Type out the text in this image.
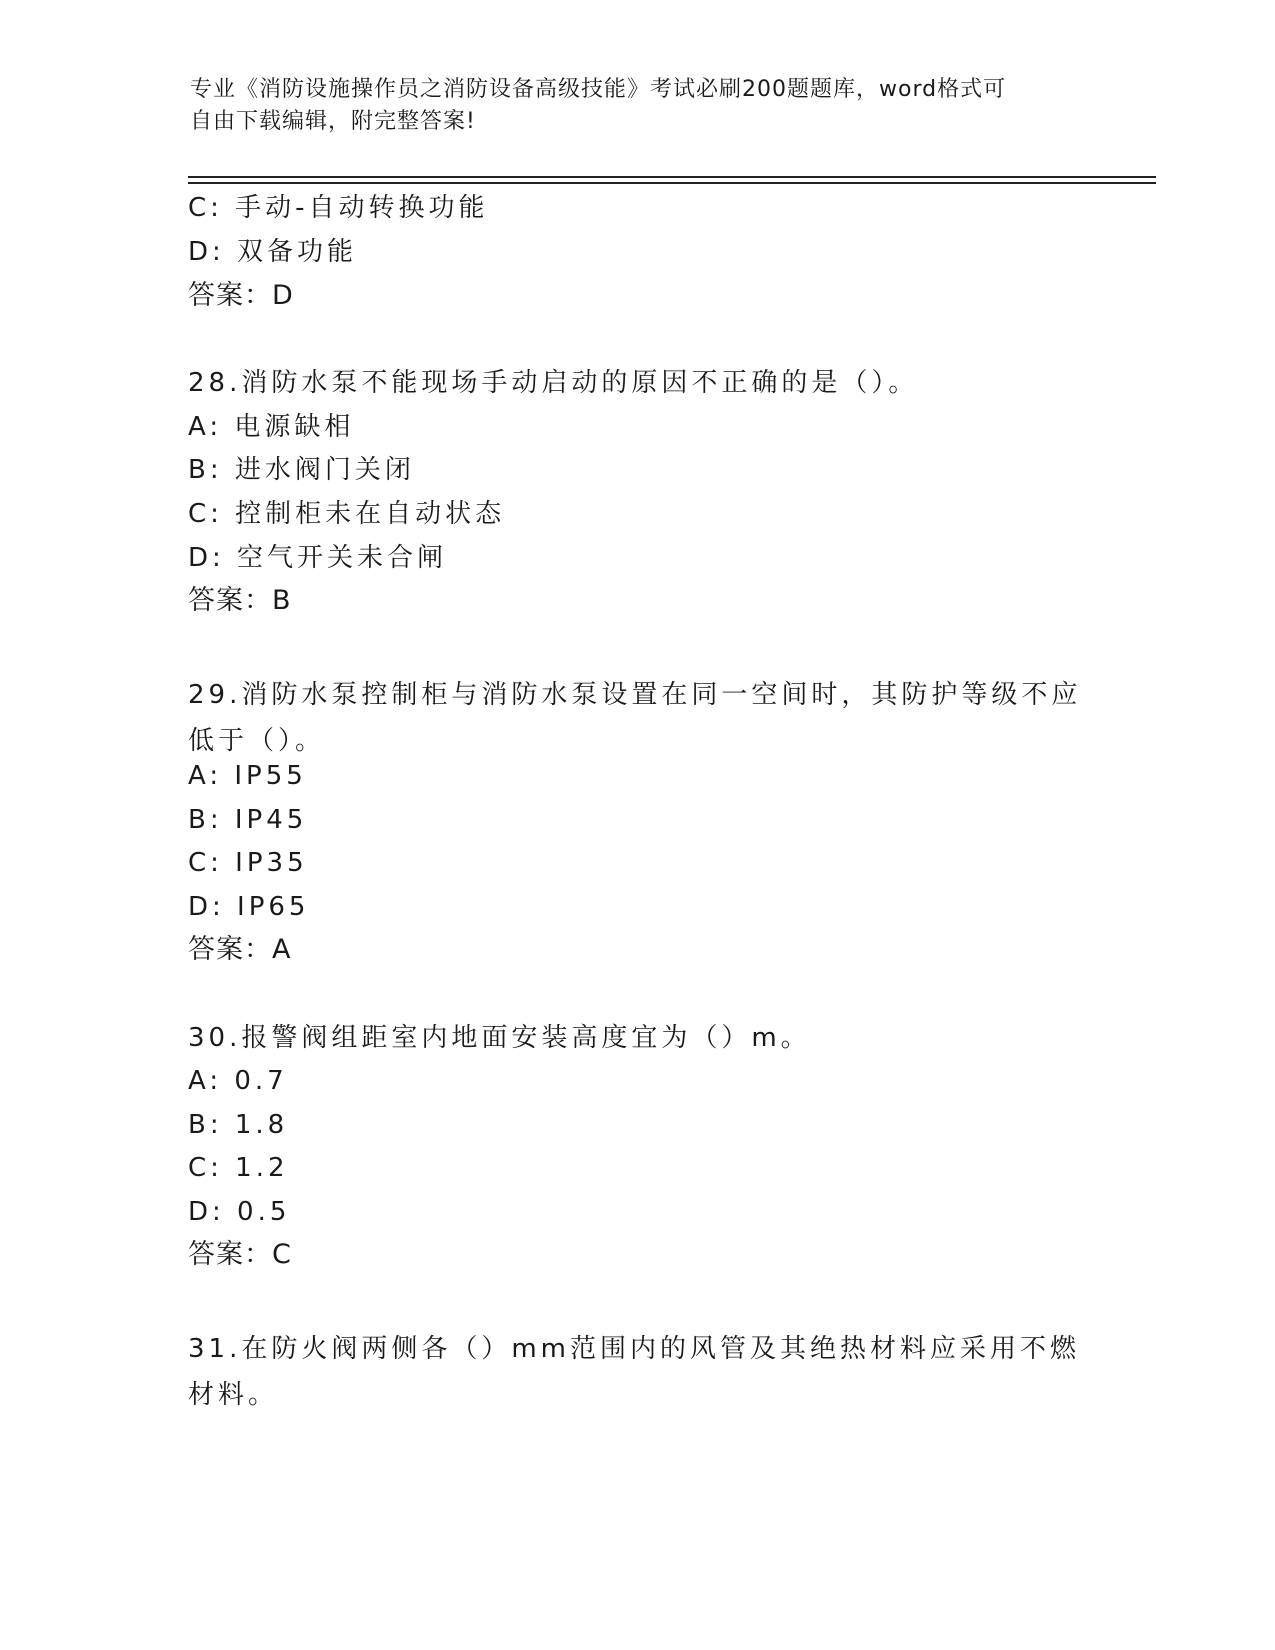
专业《消防设施操作员之消防设备高级技能》考试必刷200题题库，word格式可
自由下载编辑，附完整答案!
C: 手动-自动转换功能
D: 双备功能
答案：D
28.消防水泵不能现场手动启动的原因不正确的是（）。
A: 电源缺相
B: 进水阀门关闭
C: 控制柜未在自动状态
D: 空气开关未合闸
答案：B
29.消防水泵控制柜与消防水泵设置在同一空间时，其防护等级不应低于（）。
A: IP55
B: IP45
C: IP35
D: IP65
答案：A
30.报警阀组距室内地面安装高度宜为（）m。
A: 0.7
B: 1.8
C: 1.2
D: 0.5
答案：C
31.在防火阀两侧各（）mm范围内的风管及其绝热材料应采用不燃材料。
